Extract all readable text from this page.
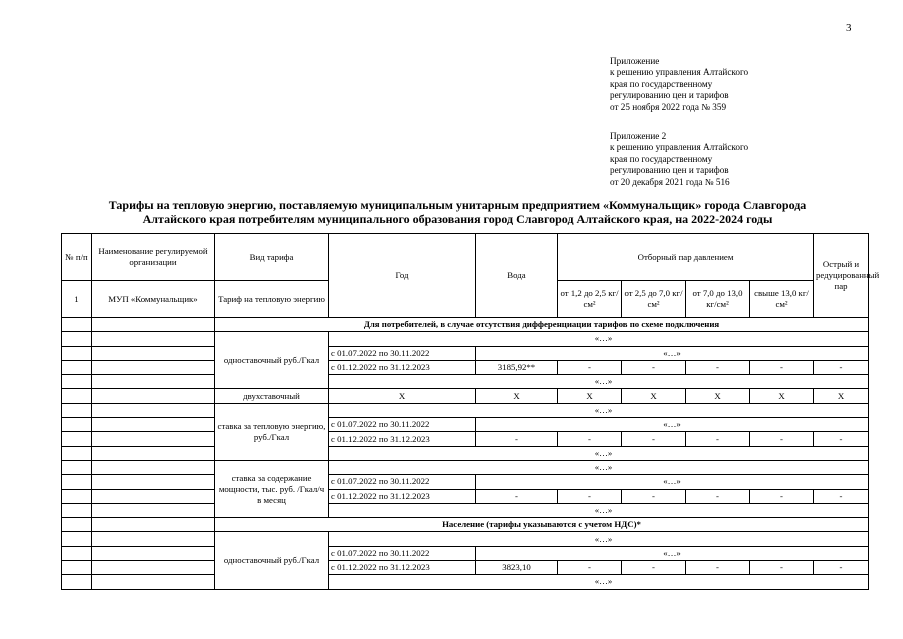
3
Приложение
к решению управления Алтайского
края по государственному
регулированию цен и тарифов
от 25 ноября 2022 года № 359
Приложение 2
к решению управления Алтайского
края по государственному
регулированию цен и тарифов
от 20 декабря 2021 года № 516
Тарифы на тепловую энергию, поставляемую муниципальным унитарным предприятием «Коммунальщик» города Славгорода
Алтайского края потребителям муниципального образования город Славгород Алтайского края, на 2022-2024 годы
№ п/п	Наименование регулируемой организации	Вид тарифа	Год	Вода	Отборный пар давлением				Острый и редуцированный пар
1	МУП «Коммунальщик»	Тариф на тепловую энергию			от 1,2 до 2,5 кг/см²	от 2,5 до 7,0 кг/см²	от 7,0 до 13,0 кг/см²	свыше 13,0 кг/см²	
		Для потребителей, в случае отсутствия дифференциации тарифов по схеме подключения							
		одноставочный руб./Гкал	«…»						
			с 01.07.2022 по 30.11.2022	«…»					
			с 01.12.2022 по 31.12.2023	3185,92**	-	-	-	-	-
			«…»						
		двухставочный	X	X	X	X	X	X	X
		ставка за тепловую энергию, руб./Гкал	«…»						
			с 01.07.2022 по 30.11.2022	«…»					
			с 01.12.2022 по 31.12.2023	-	-	-	-	-	-
			«…»						
		ставка за содержание мощности, тыс. руб. /Гкал/ч в месяц	«…»						
			с 01.07.2022 по 30.11.2022	«…»					
			с 01.12.2022 по 31.12.2023	-	-	-	-	-	-
			«…»						
		Население (тарифы указываются с учетом НДС)*							
		одноставочный руб./Гкал	«…»						
			с 01.07.2022 по 30.11.2022	«…»					
			с 01.12.2022 по 31.12.2023	3823,10	-	-	-	-	-
			«…»						
